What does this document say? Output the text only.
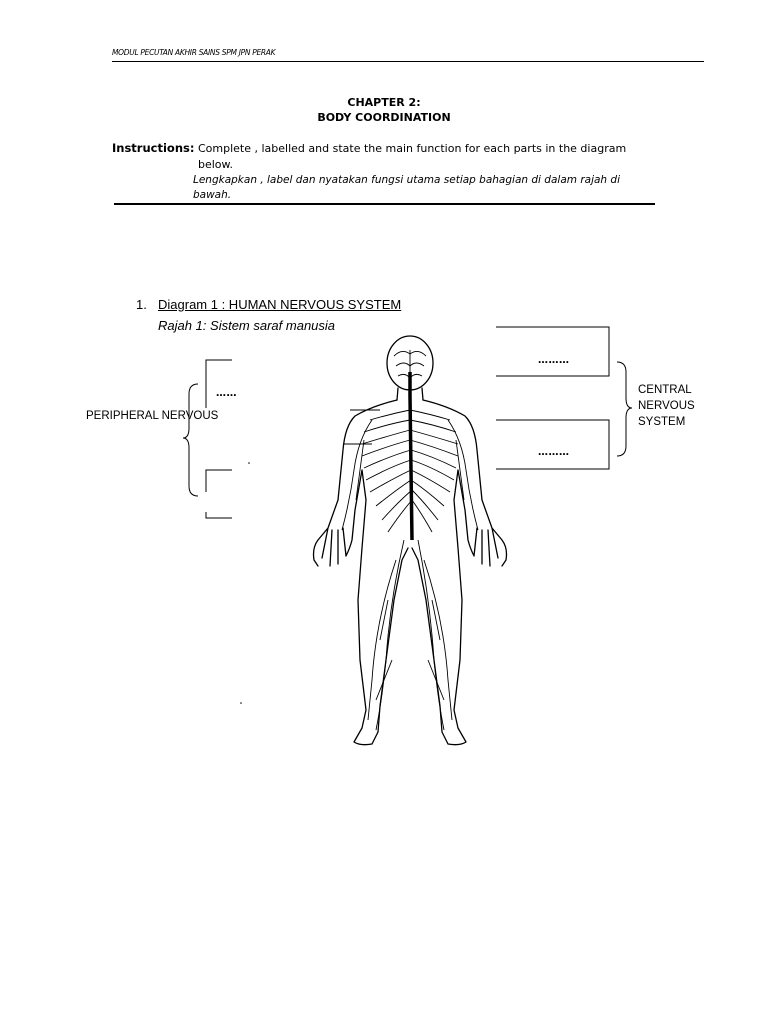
MODUL PECUTAN AKHIR SAINS SPM JPN PERAK
CHAPTER 2:
BODY COORDINATION
Instructions: Complete , labelled and state the main function for each parts in the diagram below.
Lengkapkan , label dan nyatakan fungsi utama setiap bahagian di dalam rajah di bawah.
1. Diagram 1 : HUMAN NERVOUS SYSTEM
Rajah 1: Sistem saraf manusia
………
………
……
PERIPHERAL NERVOUS
CENTRAL
NERVOUS
SYSTEM
